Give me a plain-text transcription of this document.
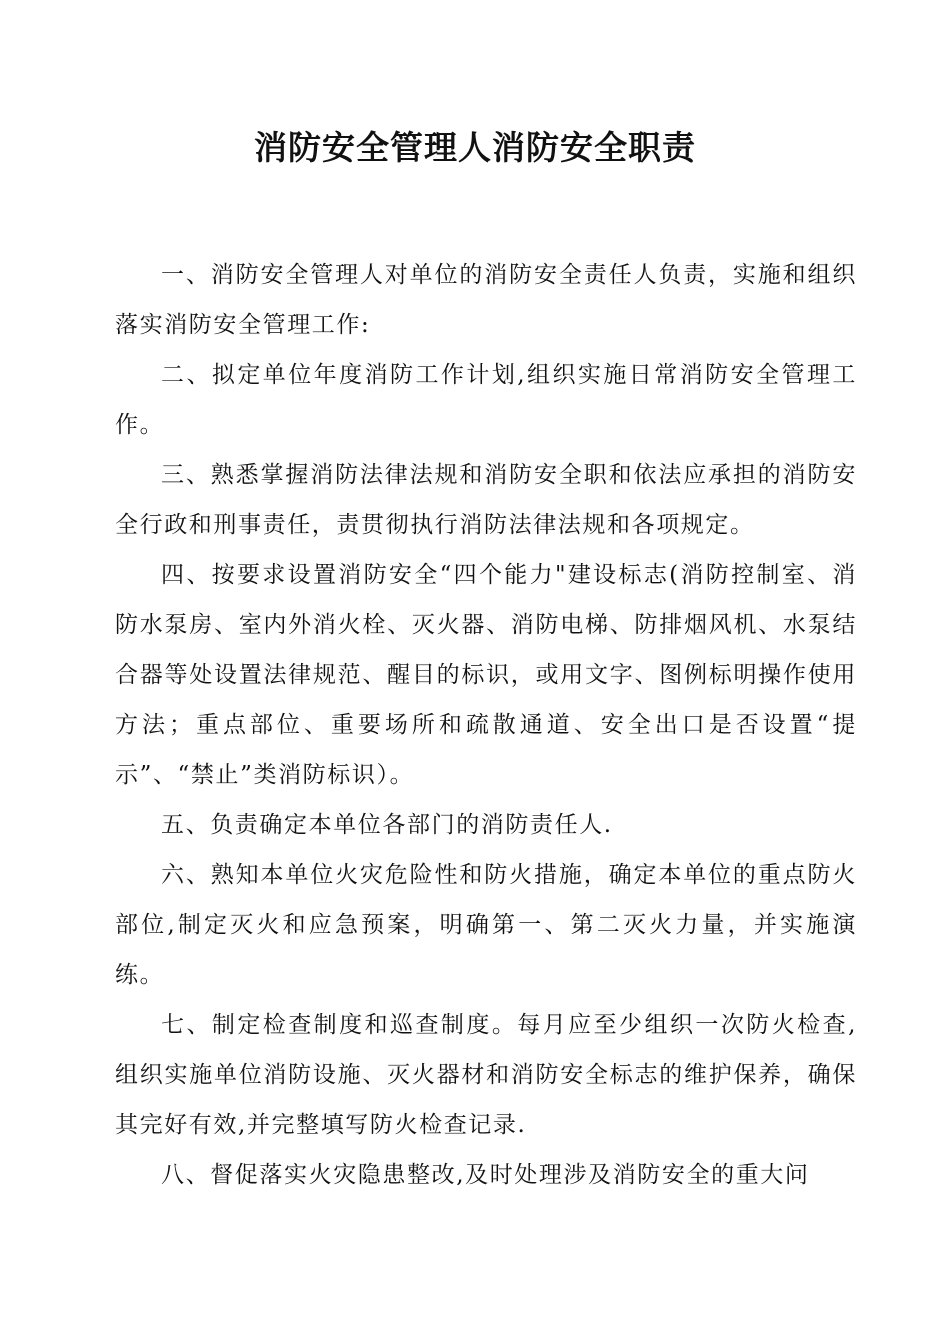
消防安全管理人消防安全职责

一、消防安全管理人对单位的消防安全责任人负责，实施和组织落实消防安全管理工作:

二、拟定单位年度消防工作计划,组织实施日常消防安全管理工作。

三、熟悉掌握消防法律法规和消防安全职和依法应承担的消防安全行政和刑事责任，责贯彻执行消防法律法规和各项规定。

四、按要求设置消防安全“四个能力"建设标志(消防控制室、消防水泵房、室内外消火栓、灭火器、消防电梯、防排烟风机、水泵结合器等处设置法律规范、醒目的标识，或用文字、图例标明操作使用方法；重点部位、重要场所和疏散通道、安全出口是否设置“提示”、“禁止”类消防标识）。

五、负责确定本单位各部门的消防责任人.

六、熟知本单位火灾危险性和防火措施，确定本单位的重点防火部位,制定灭火和应急预案，明确第一、第二灭火力量，并实施演练。

七、制定检查制度和巡查制度。每月应至少组织一次防火检查,组织实施单位消防设施、灭火器材和消防安全标志的维护保养，确保其完好有效,并完整填写防火检查记录.

八、督促落实火灾隐患整改,及时处理涉及消防安全的重大问
